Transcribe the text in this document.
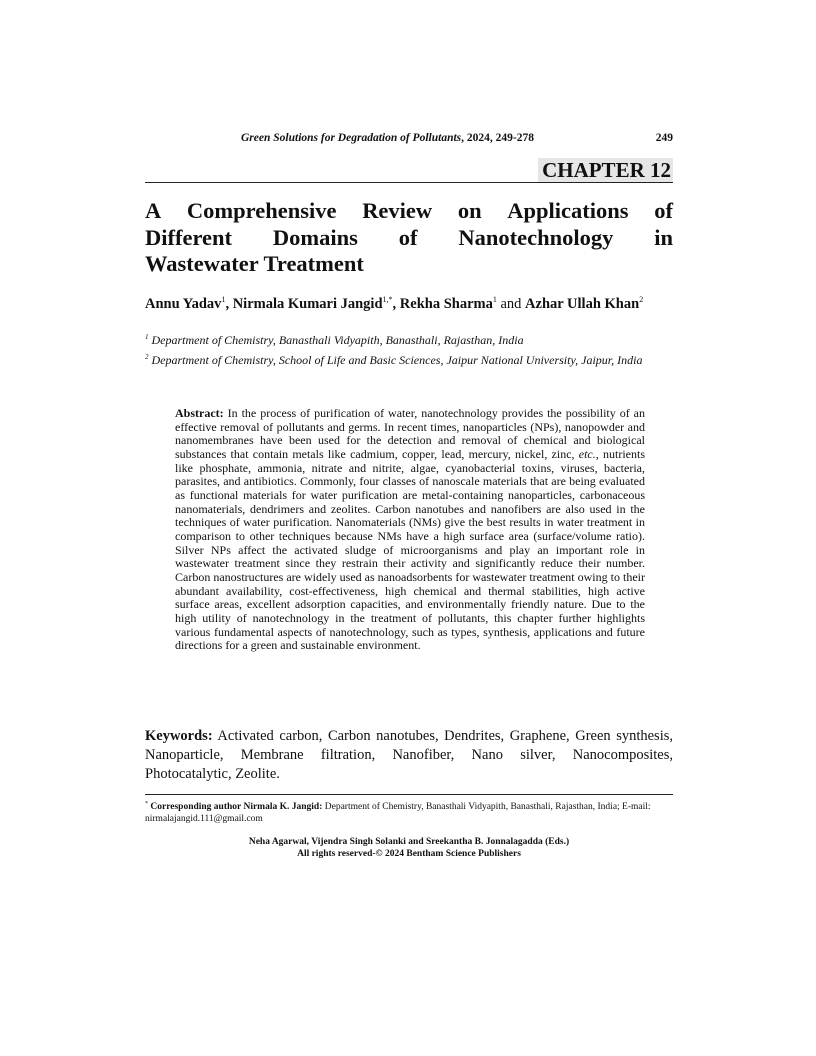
Green Solutions for Degradation of Pollutants, 2024, 249-278	249
CHAPTER 12
A Comprehensive Review on Applications of
Different Domains of Nanotechnology in
Wastewater Treatment

Annu Yadav$^1$, Nirmala Kumari Jangid$^{1,*}$, Rekha Sharma$^1$ and Azhar Ullah Khan$^2$

$^1$ Department of Chemistry, Banasthali Vidyapith, Banasthali, Rajasthan, India

$^2$ Department of Chemistry, School of Life and Basic Sciences, Jaipur National University, Jaipur, India

Abstract: In the process of purification of water, nanotechnology provides the possibility of an effective removal of pollutants and germs. In recent times, nanoparticles (NPs), nanopowder and nanomembranes have been used for the detection and removal of chemical and biological substances that contain metals like cadmium, copper, lead, mercury, nickel, zinc, etc., nutrients like phosphate, ammonia, nitrate and nitrite, algae, cyanobacterial toxins, viruses, bacteria, parasites, and antibiotics. Commonly, four classes of nanoscale materials that are being evaluated as functional materials for water purification are metal-containing nanoparticles, carbonaceous nanomaterials, dendrimers and zeolites. Carbon nanotubes and nanofibers are also used in the techniques of water purification. Nanomaterials (NMs) give the best results in water treatment in comparison to other techniques because NMs have a high surface area (surface/volume ratio). Silver NPs affect the activated sludge of microorganisms and play an important role in wastewater treatment since they restrain their activity and significantly reduce their number. Carbon nanostructures are widely used as nanoadsorbents for wastewater treatment owing to their abundant availability, cost-effectiveness, high chemical and thermal stabilities, high active surface areas, excellent adsorption capacities, and environmentally friendly nature. Due to the high utility of nanotechnology in the treatment of pollutants, this chapter further highlights various fundamental aspects of nanotechnology, such as types, synthesis, applications and future directions for a green and sustainable environment.

Keywords: Activated carbon, Carbon nanotubes, Dendrites, Graphene, Green synthesis, Nanoparticle, Membrane filtration, Nanofiber, Nano silver, Nanocomposites, Photocatalytic, Zeolite.

* Corresponding author Nirmala K. Jangid: Department of Chemistry, Banasthali Vidyapith, Banasthali, Rajasthan, India; E-mail: nirmalajangid.111@gmail.com

Neha Agarwal, Vijendra Singh Solanki and Sreekantha B. Jonnalagadda (Eds.)
All rights reserved-© 2024 Bentham Science Publishers
